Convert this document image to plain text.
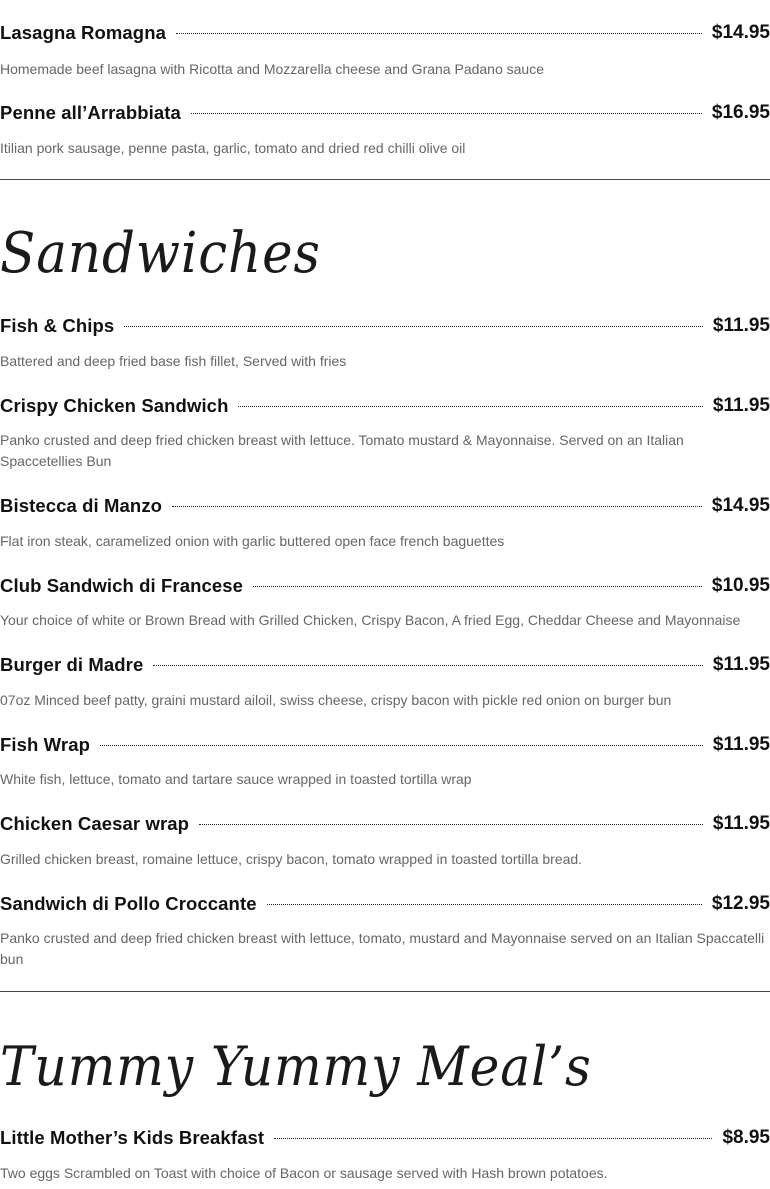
Lasagna Romagna	$14.95

Homemade beef lasagna with Ricotta and Mozzarella cheese and Grana Padano sauce

Penne all’Arrabbiata	$16.95

Itilian pork sausage, penne pasta, garlic, tomato and dried red chilli olive oil

Sandwiches
Fish & Chips	$11.95

Battered and deep fried base fish fillet, Served with fries

Crispy Chicken Sandwich	$11.95

Panko crusted and deep fried chicken breast with lettuce. Tomato mustard & Mayonnaise. Served on an Italian Spaccetellies Bun

Bistecca di Manzo	$14.95

Flat iron steak, caramelized onion with garlic buttered open face french baguettes

Club Sandwich di Francese	$10.95

Your choice of white or Brown Bread with Grilled Chicken, Crispy Bacon, A fried Egg, Cheddar Cheese and Mayonnaise

Burger di Madre	$11.95

07oz Minced beef patty, graini mustard ailoil, swiss cheese, crispy bacon with pickle red onion on burger bun

Fish Wrap	$11.95

White fish, lettuce, tomato and tartare sauce wrapped in toasted tortilla wrap

Chicken Caesar wrap	$11.95

Grilled chicken breast, romaine lettuce, crispy bacon, tomato wrapped in toasted tortilla bread.

Sandwich di Pollo Croccante	$12.95

Panko crusted and deep fried chicken breast with lettuce, tomato, mustard and Mayonnaise served on an Italian Spaccatelli bun

Tummy Yummy Meal’s
Little Mother’s Kids Breakfast	$8.95

Two eggs Scrambled on Toast with choice of Bacon or sausage served with Hash brown potatoes.
